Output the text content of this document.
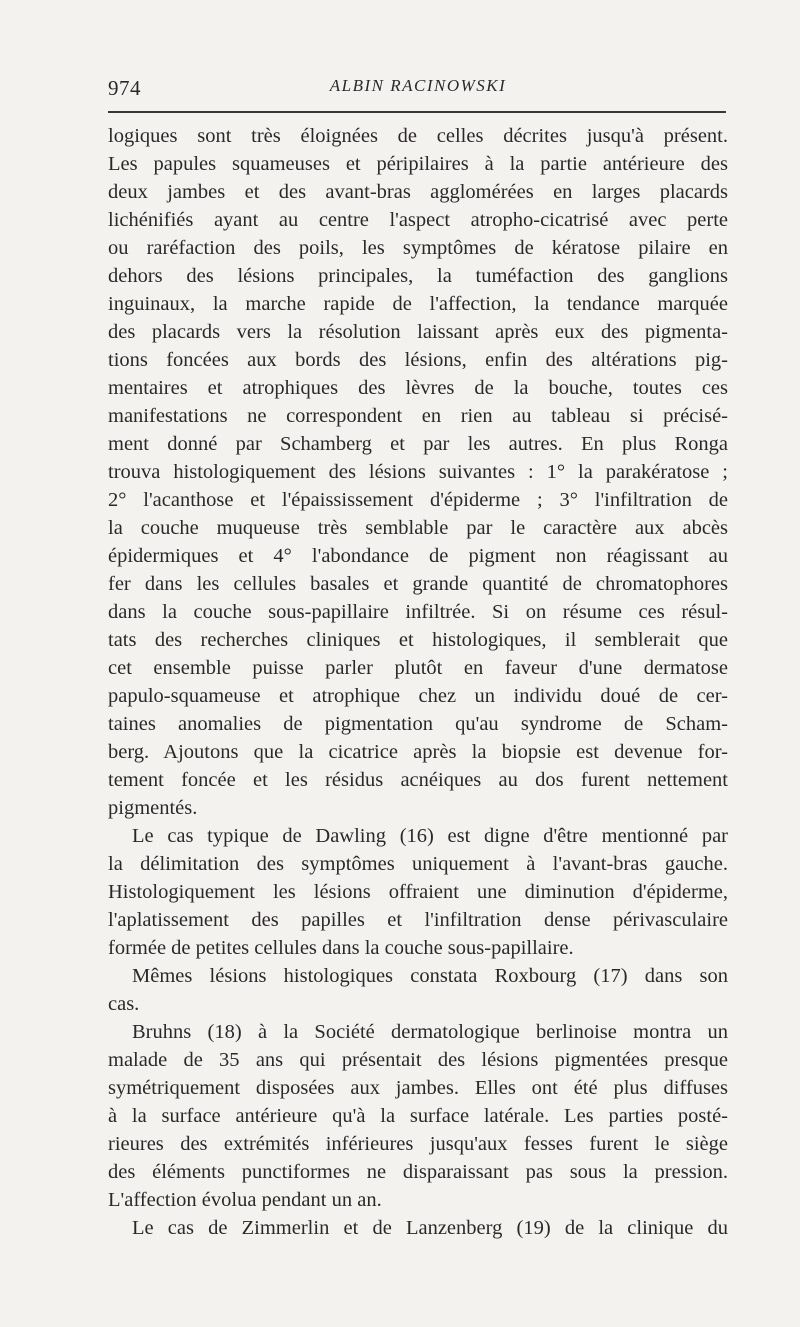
974	ALBIN RACINOWSKI
logiques sont très éloignées de celles décrites jusqu'à présent.
Les papules squameuses et péripilaires à la partie antérieure des
deux jambes et des avant-bras agglomérées en larges placards
lichénifiés ayant au centre l'aspect atropho-cicatrisé avec perte
ou raréfaction des poils, les symptômes de kératose pilaire en
dehors des lésions principales, la tuméfaction des ganglions
inguinaux, la marche rapide de l'affection, la tendance marquée
des placards vers la résolution laissant après eux des pigmenta-
tions foncées aux bords des lésions, enfin des altérations pig-
mentaires et atrophiques des lèvres de la bouche, toutes ces
manifestations ne correspondent en rien au tableau si précisé-
ment donné par Schamberg et par les autres. En plus Ronga
trouva histologiquement des lésions suivantes : 1° la parakératose ;
2° l'acanthose et l'épaississement d'épiderme ; 3° l'infiltration de
la couche muqueuse très semblable par le caractère aux abcès
épidermiques et 4° l'abondance de pigment non réagissant au
fer dans les cellules basales et grande quantité de chromatophores
dans la couche sous-papillaire infiltrée. Si on résume ces résul-
tats des recherches cliniques et histologiques, il semblerait que
cet ensemble puisse parler plutôt en faveur d'une dermatose
papulo-squameuse et atrophique chez un individu doué de cer-
taines anomalies de pigmentation qu'au syndrome de Scham-
berg. Ajoutons que la cicatrice après la biopsie est devenue for-
tement foncée et les résidus acnéiques au dos furent nettement
pigmentés.
Le cas typique de Dawling (16) est digne d'être mentionné par
la délimitation des symptômes uniquement à l'avant-bras gauche.
Histologiquement les lésions offraient une diminution d'épiderme,
l'aplatissement des papilles et l'infiltration dense périvasculaire
formée de petites cellules dans la couche sous-papillaire.
Mêmes lésions histologiques constata Roxbourg (17) dans son
cas.
Bruhns (18) à la Société dermatologique berlinoise montra un
malade de 35 ans qui présentait des lésions pigmentées presque
symétriquement disposées aux jambes. Elles ont été plus diffuses
à la surface antérieure qu'à la surface latérale. Les parties posté-
rieures des extrémités inférieures jusqu'aux fesses furent le siège
des éléments punctiformes ne disparaissant pas sous la pression.
L'affection évolua pendant un an.
Le cas de Zimmerlin et de Lanzenberg (19) de la clinique du
